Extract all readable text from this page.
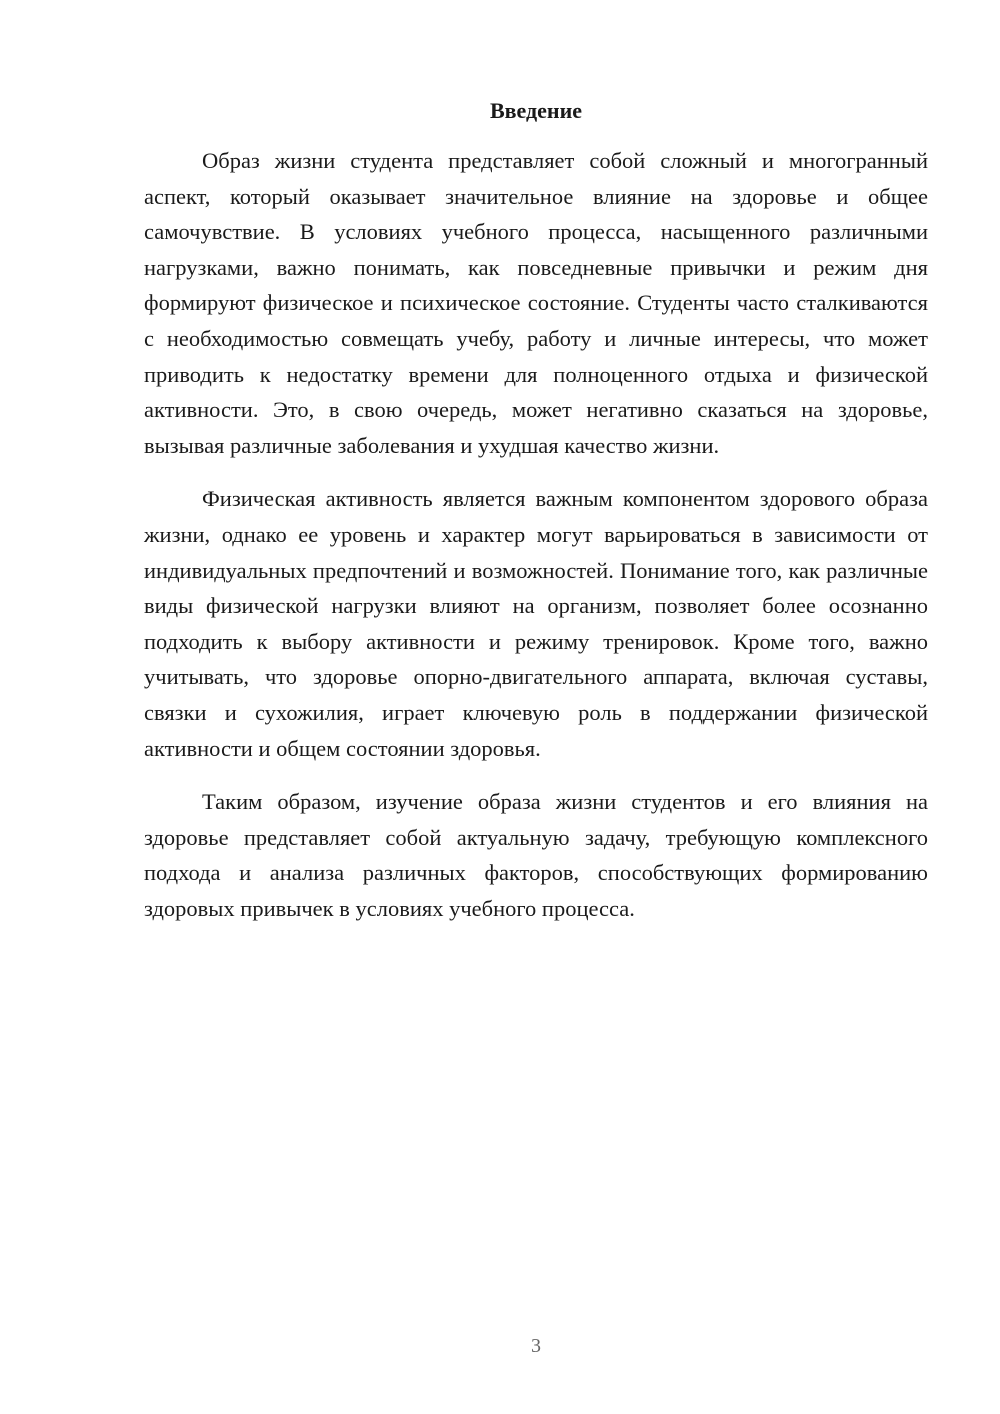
Введение

Образ жизни студента представляет собой сложный и многогранный аспект, который оказывает значительное влияние на здоровье и общее самочувствие. В условиях учебного процесса, насыщенного различными нагрузками, важно понимать, как повседневные привычки и режим дня формируют физическое и психическое состояние. Студенты часто сталкиваются с необходимостью совмещать учебу, работу и личные интересы, что может приводить к недостатку времени для полноценного отдыха и физической активности. Это, в свою очередь, может негативно сказаться на здоровье, вызывая различные заболевания и ухудшая качество жизни.

Физическая активность является важным компонентом здорового образа жизни, однако ее уровень и характер могут варьироваться в зависимости от индивидуальных предпочтений и возможностей. Понимание того, как различные виды физической нагрузки влияют на организм, позволяет более осознанно подходить к выбору активности и режиму тренировок. Кроме того, важно учитывать, что здоровье опорно-двигательного аппарата, включая суставы, связки и сухожилия, играет ключевую роль в поддержании физической активности и общем состоянии здоровья.

Таким образом, изучение образа жизни студентов и его влияния на здоровье представляет собой актуальную задачу, требующую комплексного подхода и анализа различных факторов, способствующих формированию здоровых привычек в условиях учебного процесса.

3
